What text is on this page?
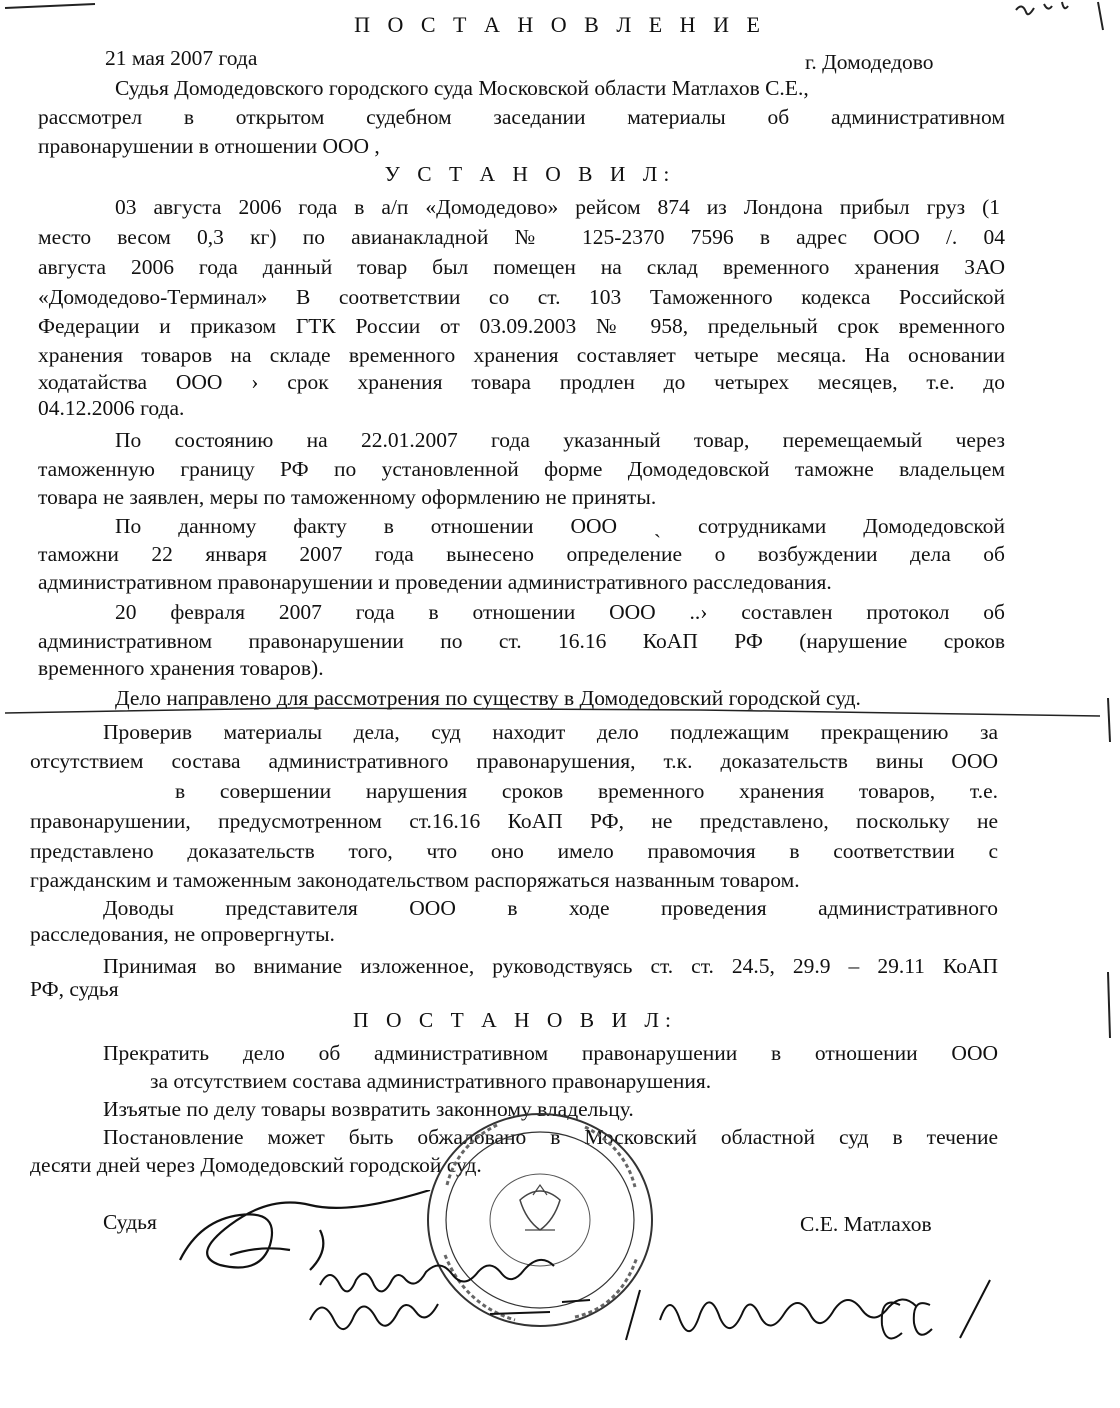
П О С Т А Н О В Л Е Н И Е
21 мая 2007 года	г. Домодедово
Судья Домодедовского городского суда Московской области Матлахов С.Е.,
рассмотрел в открытом судебном заседании материалы об административном
правонарушении в отношении ООО ,
У С Т А Н О В И Л:
03 августа 2006 года в а/п «Домодедово» рейсом 874 из Лондона прибыл груз (1
место весом 0,3 кг) по авианакладной № 125-2370 7596 в адрес ООО /. 04
августа 2006 года данный товар был помещен на склад временного хранения ЗАО
«Домодедово-Терминал» В соответствии со ст. 103 Таможенного кодекса Российской
Федерации и приказом ГТК России от 03.09.2003 № 958, предельный срок временного
хранения товаров на складе временного хранения составляет четыре месяца. На основании
ходатайства ООО › срок хранения товара продлен до четырех месяцев, т.е. до
04.12.2006 года.
По состоянию на 22.01.2007 года указанный товар, перемещаемый через
таможенную границу РФ по установленной форме Домодедовской таможне владельцем
товара не заявлен, меры по таможенному оформлению не приняты.
По данному факту в отношении ООО ˎ сотрудниками Домодедовской
таможни 22 января 2007 года вынесено определение о возбуждении дела об
административном правонарушении и проведении административного расследования.
20 февраля 2007 года в отношении ООО ..› составлен протокол об
административном правонарушении по ст. 16.16 КоАП РФ (нарушение сроков
временного хранения товаров).
Дело направлено для рассмотрения по существу в Домодедовский городской суд.
Проверив материалы дела, суд находит дело подлежащим прекращению за
отсутствием состава административного правонарушения, т.к. доказательств вины ООО
в совершении нарушения сроков временного хранения товаров, т.е.
правонарушении, предусмотренном ст.16.16 КоАП РФ, не представлено, поскольку не
представлено доказательств того, что оно имело правомочия в соответствии с
гражданским и таможенным законодательством распоряжаться названным товаром.
Доводы представителя ООО в ходе проведения административного
расследования, не опровергнуты.
Принимая во внимание изложенное, руководствуясь ст. ст. 24.5, 29.9 – 29.11 КоАП
РФ, судья
П О С Т А Н О В И Л:
Прекратить дело об административном правонарушении в отношении ООО
за отсутствием состава административного правонарушения.
Изъятые по делу товары возвратить законному владельцу.
Постановление может быть обжаловано в Московский областной суд в течение
десяти дней через Домодедовский городской суд.
Судья	С.Е. Матлахов
